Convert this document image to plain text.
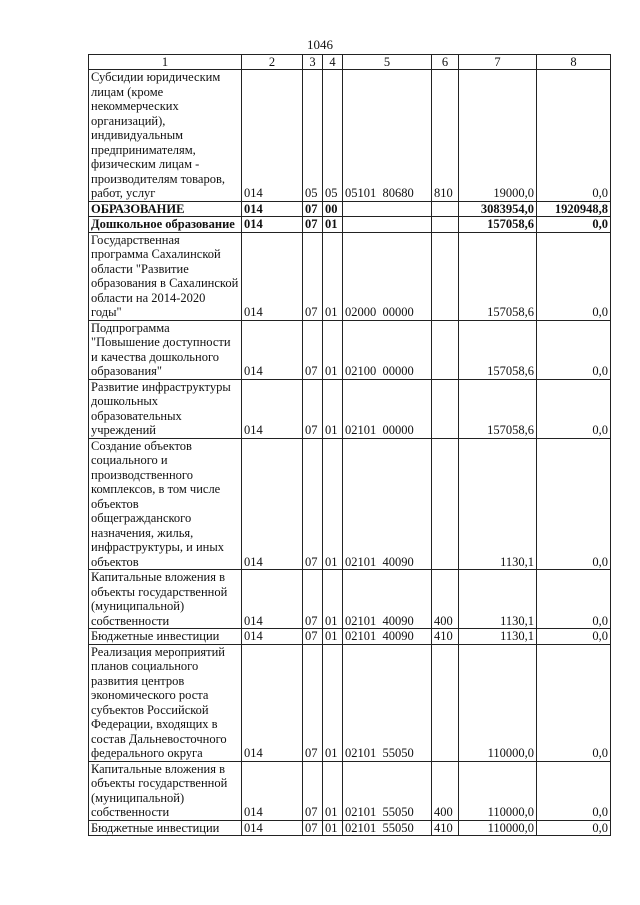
1046
1	2	3	4	5	6	7	8
Субсидии юридическим лицам (кроме некоммерческих организаций), индивидуальным предпринимателям, физическим лицам - производителям товаров, работ, услуг	014	05	05	05101  80680	810	19000,0	0,0
ОБРАЗОВАНИЕ	014	07	00			3083954,0	1920948,8
Дошкольное образование	014	07	01			157058,6	0,0
Государственная программа Сахалинской области "Развитие образования в Сахалинской области на 2014-2020 годы"	014	07	01	02000  00000		157058,6	0,0
Подпрограмма "Повышение доступности и качества дошкольного образования"	014	07	01	02100  00000		157058,6	0,0
Развитие инфраструктуры дошкольных образовательных учреждений	014	07	01	02101  00000		157058,6	0,0
Создание объектов социального и производственного комплексов, в том числе объектов общегражданского назначения, жилья, инфраструктуры, и иных объектов	014	07	01	02101  40090		1130,1	0,0
Капитальные вложения в объекты государственной (муниципальной) собственности	014	07	01	02101  40090	400	1130,1	0,0
Бюджетные инвестиции	014	07	01	02101  40090	410	1130,1	0,0
Реализация мероприятий планов социального развития центров экономического роста субъектов Российской Федерации, входящих в состав Дальневосточного федерального округа	014	07	01	02101  55050		110000,0	0,0
Капитальные вложения в объекты государственной (муниципальной) собственности	014	07	01	02101  55050	400	110000,0	0,0
Бюджетные инвестиции	014	07	01	02101  55050	410	110000,0	0,0
